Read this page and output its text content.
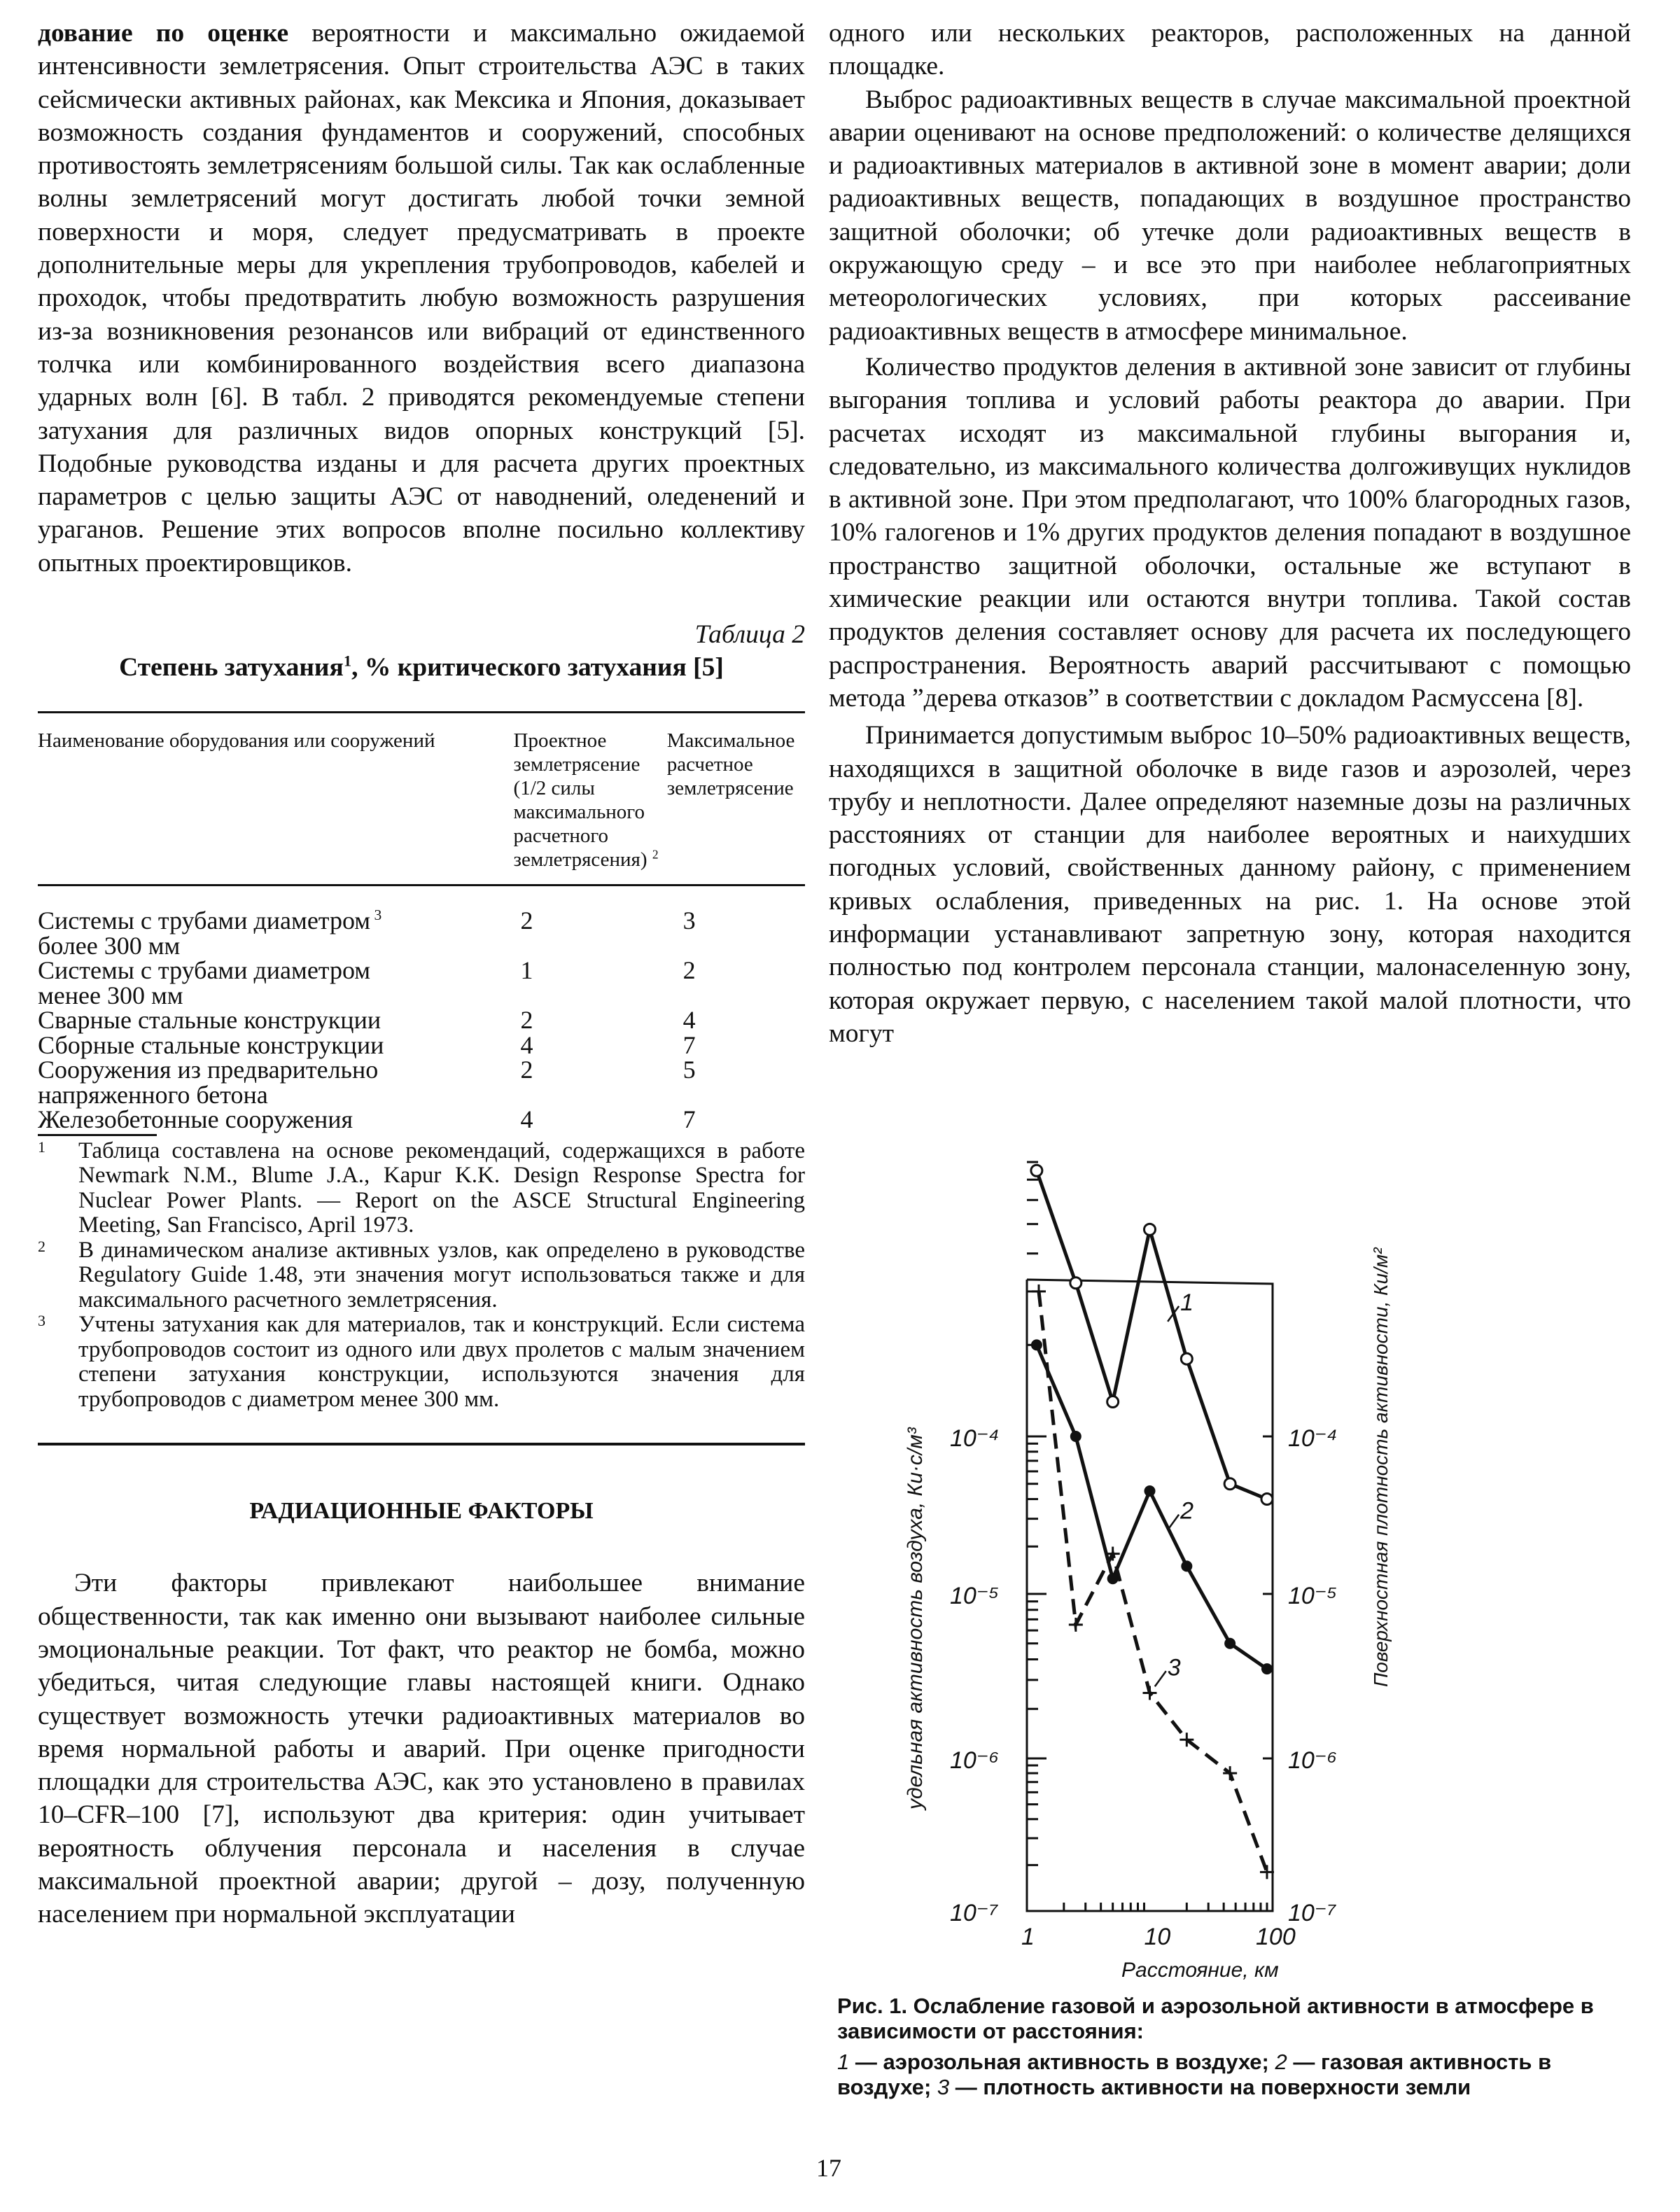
дование по оценке вероятности и максимально ожидаемой интенсивности землетрясения. Опыт строительства АЭС в таких сейсмически активных районах, как Мексика и Япония, доказывает возможность создания фундаментов и сооружений, способных противостоять землетрясениям большой силы. Так как ослабленные волны землетрясений могут достигать любой точки земной поверхности и моря, следует предусматривать в проекте дополнительные меры для укрепления трубопроводов, кабелей и проходок, чтобы предотвратить любую возможность разрушения из-за возникновения резонансов или вибраций от единственного толчка или комбинированного воздействия всего диапазона ударных волн [6]. В табл. 2 приводятся рекомендуемые степени затухания для различных видов опорных конструкций [5]. Подобные руководства изданы и для расчета других проектных параметров с целью защиты АЭС от наводнений, оледенений и ураганов. Решение этих вопросов вполне посильно коллективу опытных проектировщиков.

Таблица 2
Степень затухания$^1$, % критического затухания [5]
Наименование оборудования или сооружений	Проектное землетрясение (1/2 силы максимального расчетного землетрясения) $^2$	Максимальное расчетное землетрясение
Системы с трубами диаметром $^3$
более 300 мм	2	3
Системы с трубами диаметром
менее 300 мм	1	2
Сварные стальные конструкции	2	4
Сборные стальные конструкции	4	7
Сооружения из предварительно
напряженного бетона	2	5
Железобетонные сооружения	4	7
1	Таблица составлена на основе рекомендаций, содержащихся в работе Newmark N.M., Blume J.A., Kapur K.K. Design Response Spectra for Nuclear Power Plants. — Report on the ASCE Structural Engineering Meeting, San Francisco, April 1973.
2	В динамическом анализе активных узлов, как определено в руководстве Regulatory Guide 1.48, эти значения могут использоваться также и для максимального расчетного землетрясения.
3	Учтены затухания как для материалов, так и конструкций. Если система трубопроводов состоит из одного или двух пролетов с малым значением степени затухания конструкции, используются значения для трубопроводов с диаметром менее 300 мм.
РАДИАЦИОННЫЕ ФАКТОРЫ

Эти факторы привлекают наибольшее внимание общественности, так как именно они вызывают наиболее сильные эмоциональные реакции. Тот факт, что реактор не бомба, можно убедиться, читая следующие главы настоящей книги. Однако существует возможность утечки радиоактивных материалов во время нормальной работы и аварий. При оценке пригодности площадки для строительства АЭС, как это установлено в правилах 10–CFR–100 [7], используют два критерия: один учитывает вероятность облучения персонала и населения в случае максимальной проектной аварии; другой – дозу, полученную населением при нормальной эксплуатации

одного или нескольких реакторов, расположенных на данной площадке.

Выброс радиоактивных веществ в случае максимальной проектной аварии оценивают на основе предположений: о количестве делящихся и радиоактивных материалов в активной зоне в момент аварии; доли радиоактивных веществ, попадающих в воздушное пространство защитной оболочки; об утечке доли радиоактивных веществ в окружающую среду – и все это при наиболее неблагоприятных метеорологических условиях, при которых рассеивание радиоактивных веществ в атмосфере минимальное.

Количество продуктов деления в активной зоне зависит от глубины выгорания топлива и условий работы реактора до аварии. При расчетах исходят из максимальной глубины выгорания и, следовательно, из максимального количества долгоживущих нуклидов в активной зоне. При этом предполагают, что 100% благородных газов, 10% галогенов и 1% других продуктов деления попадают в воздушное пространство защитной оболочки, остальные же вступают в химические реакции или остаются внутри топлива. Такой состав продуктов деления составляет основу для расчета их последующего распространения. Вероятность аварий рассчитывают с помощью метода ”дерева отказов” в соответствии с докладом Расмуссена [8].

Принимается допустимым выброс 10–50% радиоактивных веществ, находящихся в защитной оболочке в виде газов и аэрозолей, через трубу и неплотности. Далее определяют наземные дозы на различных расстояниях от станции для наиболее вероятных и наихудших погодных условий, свойственных данному району, с применением кривых ослабления, приведенных на рис. 1. На основе этой информации устанавливают запретную зону, которая находится полностью под контролем персонала станции, малонаселенную зону, которая окружает первую, с населением такой малой плотности, что могут

1	10	100
10⁻⁴	10⁻⁴
10⁻⁵	10⁻⁵
10⁻⁶	10⁻⁶
10⁻⁷	10⁻⁷
Расстояние, км
удельная активность воздуха, Ки·с/м³	Поверхностная плотность активности, Ки/м²
1
2
3
Рис. 1. Ослабление газовой и аэрозольной активности в атмосфере в зависимости от расстояния:
1 — аэрозольная активность в воздухе; 2 — газовая активность в воздухе; 3 — плотность активности на поверхности земли
17
